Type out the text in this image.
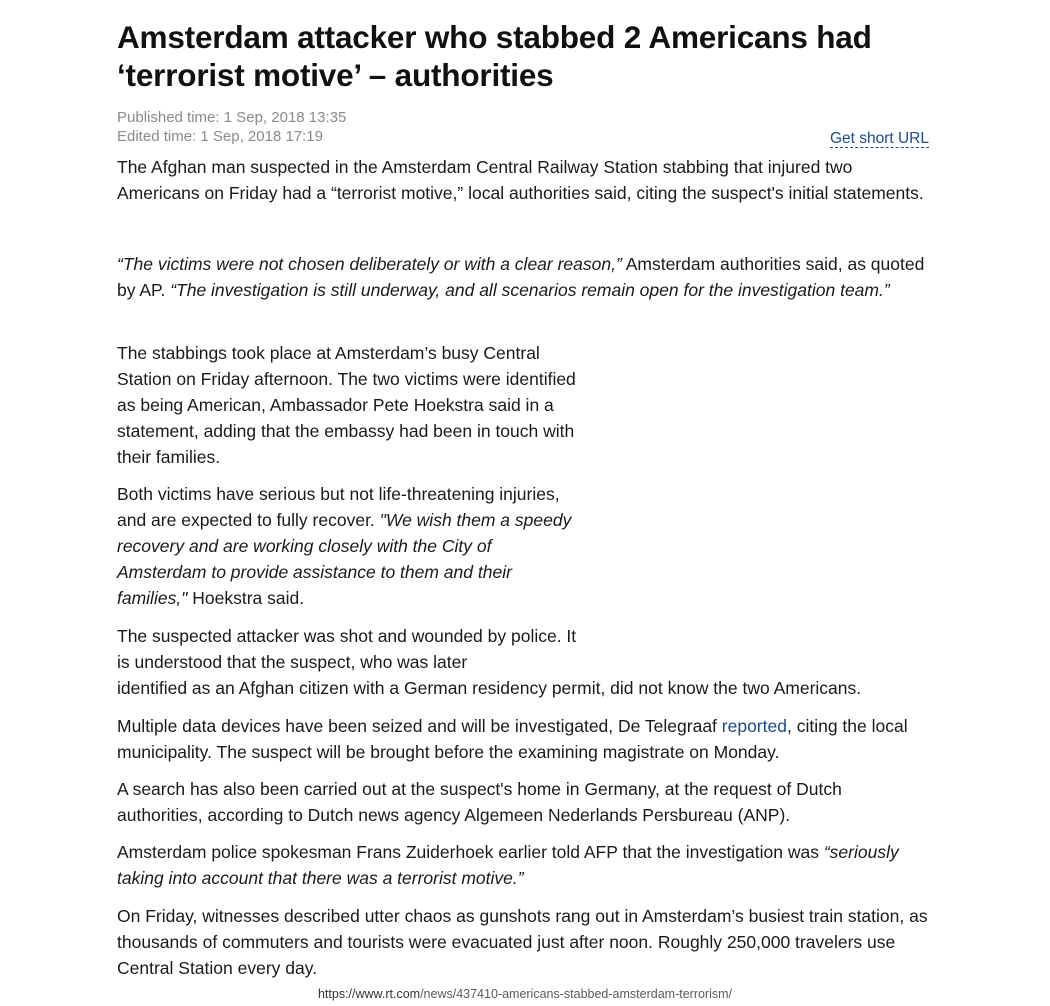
Amsterdam attacker who stabbed 2 Americans had ‘terrorist motive’ – authorities
Published time: 1 Sep, 2018 13:35
Edited time: 1 Sep, 2018 17:19	Get short URL

The Afghan man suspected in the Amsterdam Central Railway Station stabbing that injured two Americans on Friday had a “terrorist motive,” local authorities said, citing the suspect's initial statements.

“The victims were not chosen deliberately or with a clear reason,” Amsterdam authorities said, as quoted by AP. “The investigation is still underway, and all scenarios remain open for the investigation team.”

The stabbings took place at Amsterdam’s busy Central Station on Friday afternoon. The two victims were identified as being American, Ambassador Pete Hoekstra said in a statement, adding that the embassy had been in touch with their families.

Both victims have serious but not life-threatening injuries, and are expected to fully recover. "We wish them a speedy recovery and are working closely with the City of Amsterdam to provide assistance to them and their families," Hoekstra said.

The suspected attacker was shot and wounded by police. It is understood that the suspect, who was later
identified as an Afghan citizen with a German residency permit, did not know the two Americans.

Multiple data devices have been seized and will be investigated, De Telegraaf reported, citing the local municipality. The suspect will be brought before the examining magistrate on Monday.

A search has also been carried out at the suspect's home in Germany, at the request of Dutch authorities, according to Dutch news agency Algemeen Nederlands Persbureau (ANP).

Amsterdam police spokesman Frans Zuiderhoek earlier told AFP that the investigation was “seriously taking into account that there was a terrorist motive.”

On Friday, witnesses described utter chaos as gunshots rang out in Amsterdam’s busiest train station, as thousands of commuters and tourists were evacuated just after noon. Roughly 250,000 travelers use Central Station every day.

https://www.rt.com/news/437410-americans-stabbed-amsterdam-terrorism/
